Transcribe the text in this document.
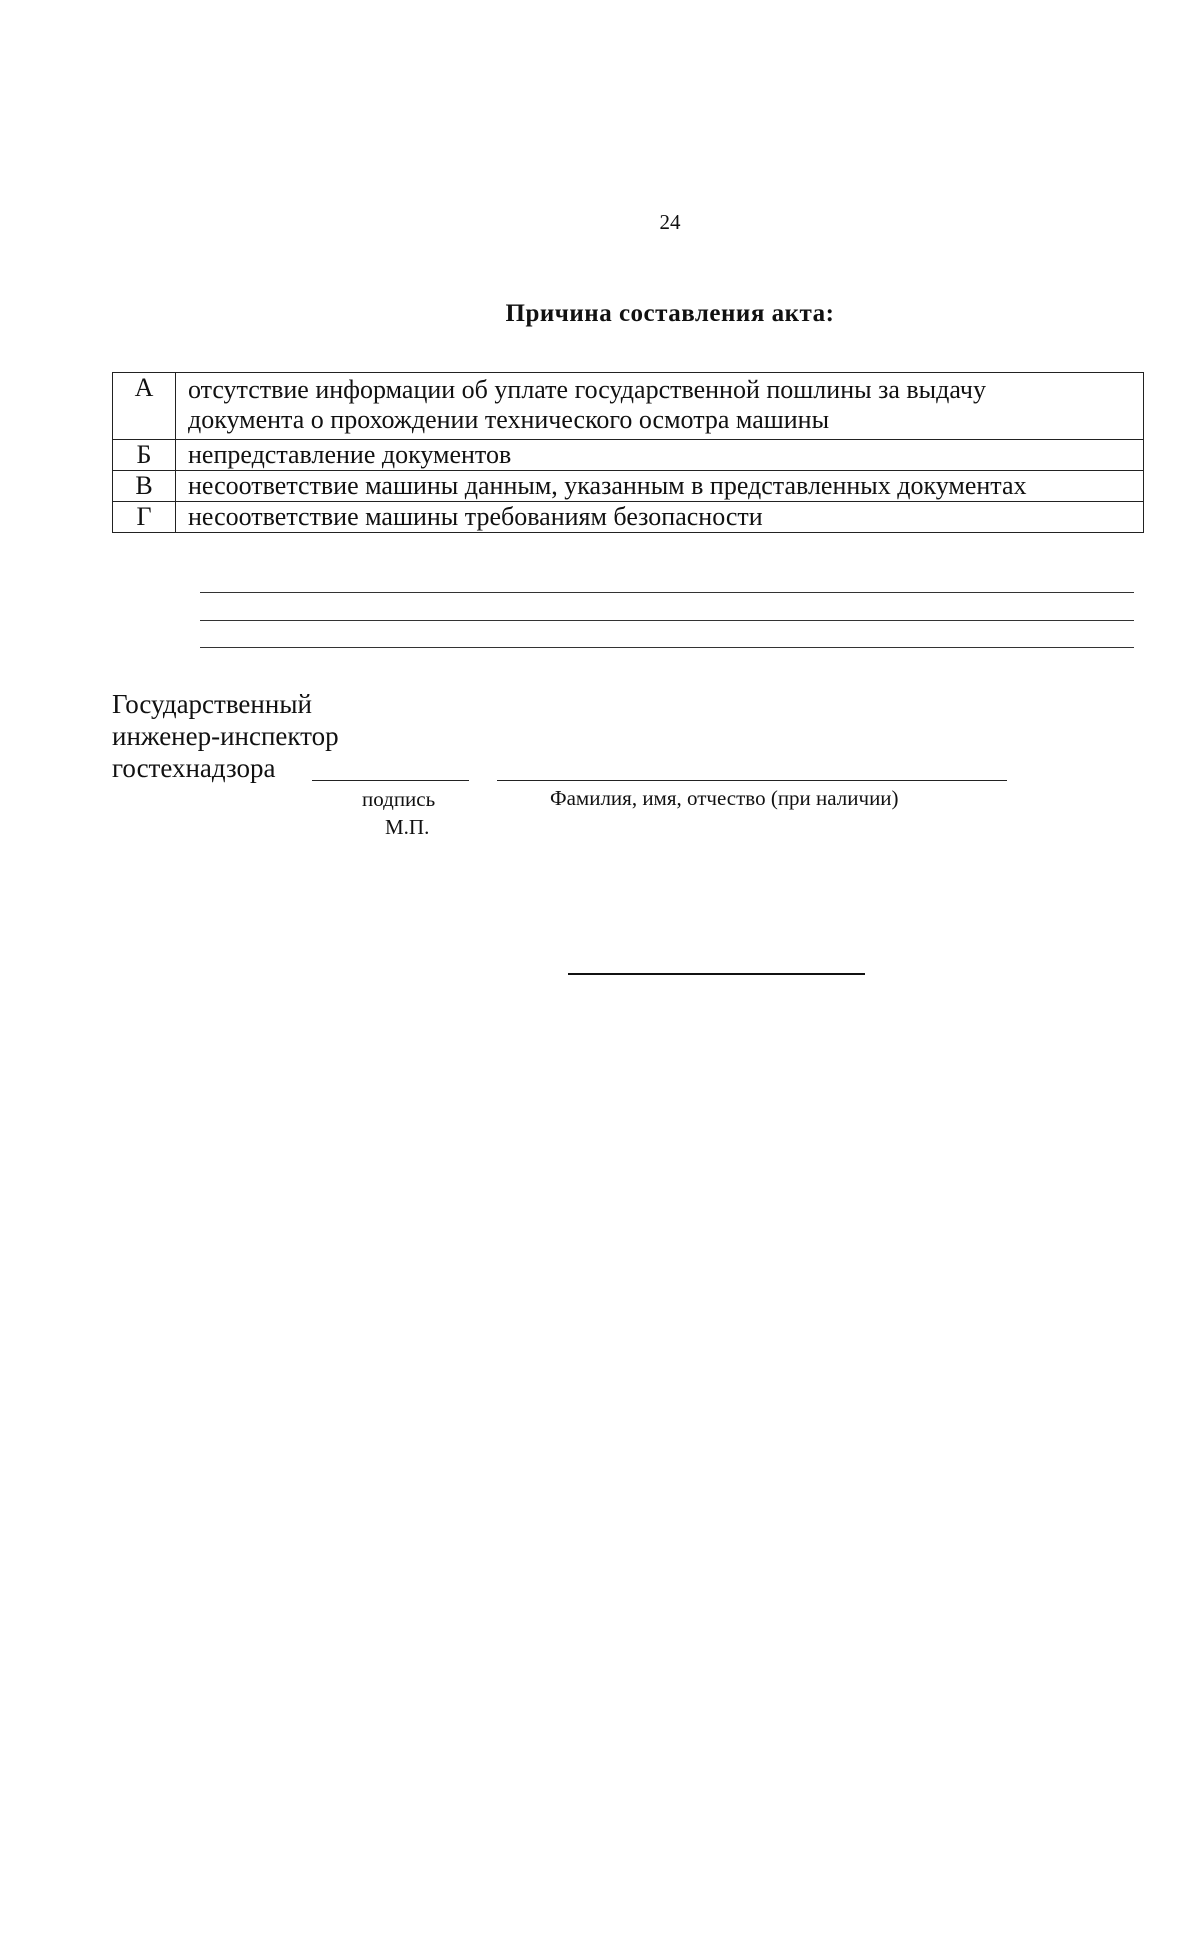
24
Причина составления акта:
А	отсутствие информации об уплате государственной пошлины за выдачу
документа о прохождении технического осмотра машины

Б	непредставление документов
В	несоответствие машины данным, указанным в представленных документах
Г	несоответствие машины требованиям безопасности
Государственный
инженер-инспектор
гостехнадзора
подпись	Фамилия, имя, отчество (при наличии)
М.П.
